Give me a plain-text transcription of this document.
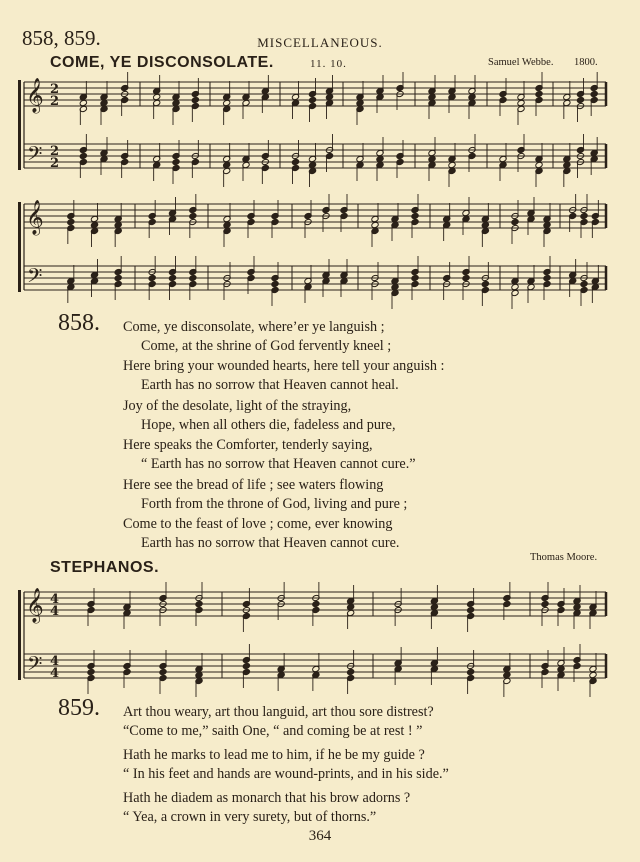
858, 859.	MISCELLANEOUS.
COME, YE DISCONSOLATE.	11. 10.	Samuel Webbe. 1800.
𝄞
𝄢
2
2
2
2
𝄞
𝄢
𝄞
𝄢
4
4
4
4
858. Come, ye disconsolate, where’er ye languish ;
Come, at the shrine of God fervently kneel ;
Here bring your wounded hearts, here tell your anguish :
Earth has no sorrow that Heaven cannot heal.
Joy of the desolate, light of the straying,
Hope, when all others die, fadeless and pure,
Here speaks the Comforter, tenderly saying,
“ Earth has no sorrow that Heaven cannot cure.”
Here see the bread of life ; see waters flowing
Forth from the throne of God, living and pure ;
Come to the feast of love ; come, ever knowing
Earth has no sorrow that Heaven cannot cure.
Thomas Moore.
STEPHANOS.
859. Art thou weary, art thou languid, art thou sore distrest?
“Come to me,” saith One, “ and coming be at rest ! ”
Hath he marks to lead me to him, if he be my guide ?
“ In his feet and hands are wound-prints, and in his side.”
Hath he diadem as monarch that his brow adorns ?
“ Yea, a crown in very surety, but of thorns.”
364
